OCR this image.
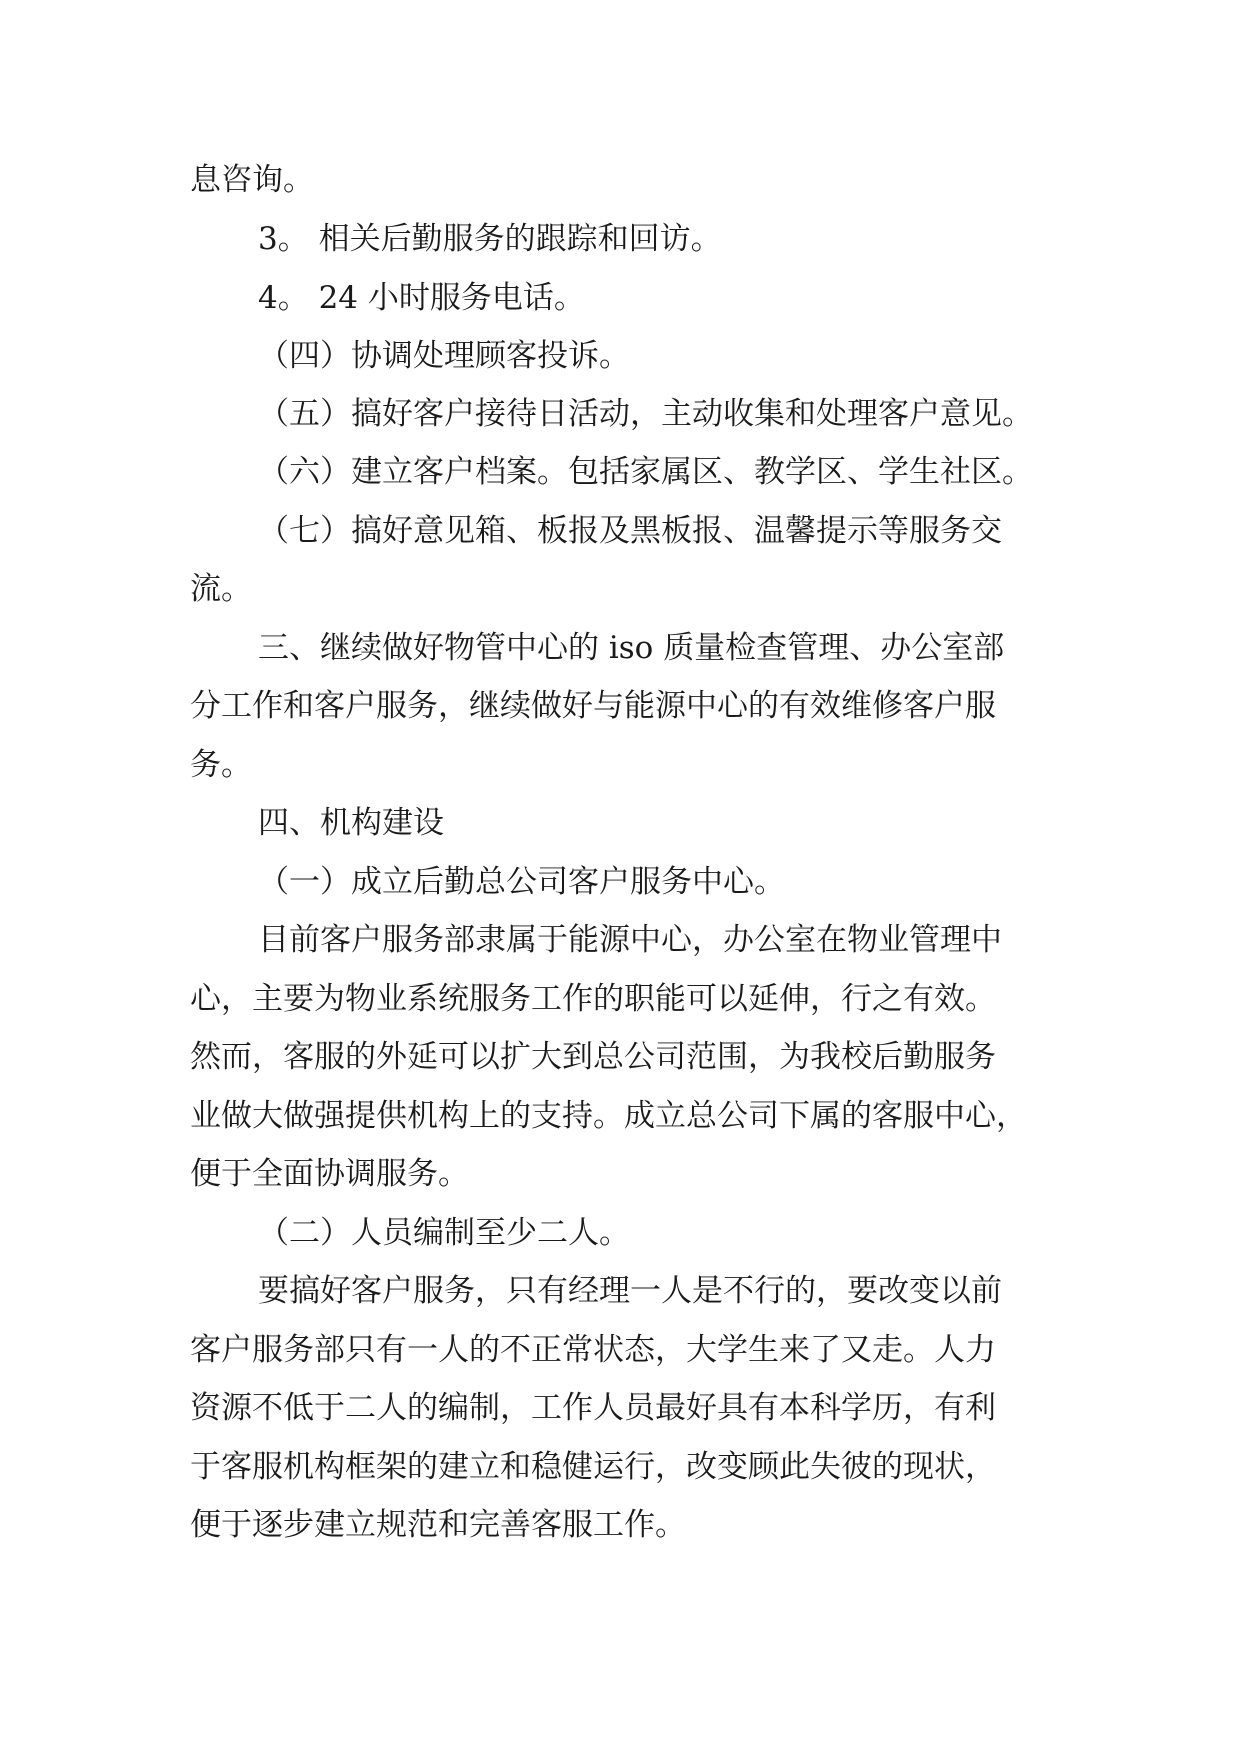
息咨询。
3。 相关后勤服务的跟踪和回访。
4。 24 小时服务电话。
（四）协调处理顾客投诉。
（五）搞好客户接待日活动，主动收集和处理客户意见。
（六）建立客户档案。包括家属区、教学区、学生社区。
（七）搞好意见箱、板报及黑板报、温馨提示等服务交
流。
三、继续做好物管中心的 iso 质量检查管理、办公室部
分工作和客户服务，继续做好与能源中心的有效维修客户服
务。
四、机构建设
（一）成立后勤总公司客户服务中心。
目前客户服务部隶属于能源中心，办公室在物业管理中
心，主要为物业系统服务工作的职能可以延伸，行之有效。
然而，客服的外延可以扩大到总公司范围，为我校后勤服务
业做大做强提供机构上的支持。成立总公司下属的客服中心，
便于全面协调服务。
（二）人员编制至少二人。
要搞好客户服务，只有经理一人是不行的，要改变以前
客户服务部只有一人的不正常状态，大学生来了又走。人力
资源不低于二人的编制，工作人员最好具有本科学历，有利
于客服机构框架的建立和稳健运行，改变顾此失彼的现状，
便于逐步建立规范和完善客服工作。
